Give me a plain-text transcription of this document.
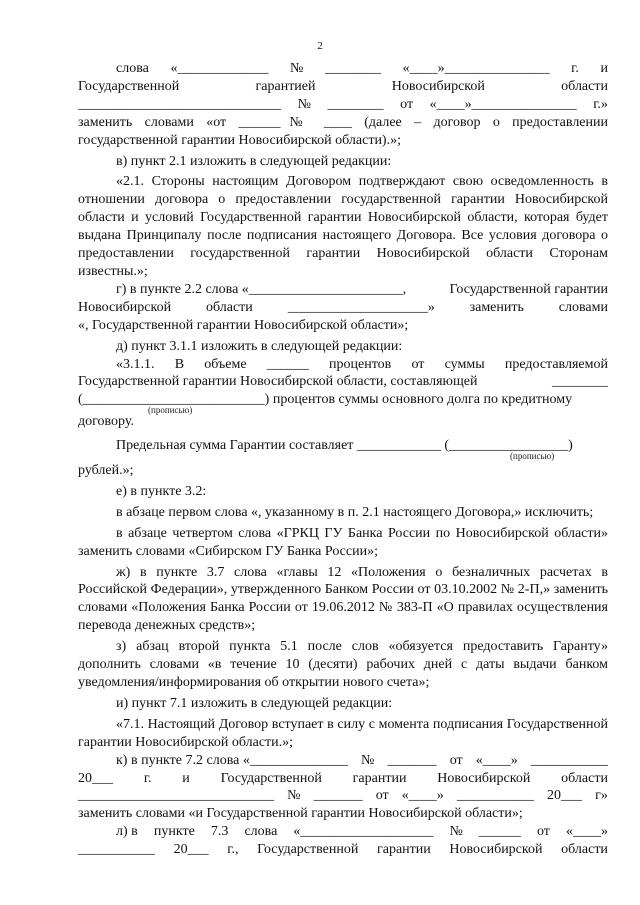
2
слова «_____________ № ________ «____»_______________ г. и
Государственной	гарантией	Новосибирской	области
_____________________________ № ________ от «____»_______________ г.»

заменить словами «от ______№ ____ (далее – договор о предоставлении государственной гарантии Новосибирской области).»;

в) пункт 2.1 изложить в следующей редакции:

«2.1. Стороны настоящим Договором подтверждают свою осведомленность в отношении договора о предоставлении государственной гарантии Новосибирской области и условий Государственной гарантии Новосибирской области, которая будет выдана Принципалу после подписания настоящего Договора. Все условия договора о предоставлении государственной гарантии Новосибирской области Сторонам известны.»;

г) в пункте 2.2 слова «______________________,	Государственной гарантии
Новосибирской области ____________________» заменить словами

«, Государственной гарантии Новосибирской области»;

д) пункт 3.1.1 изложить в следующей редакции:

«3.1.1. В объеме ______ процентов от суммы предоставляемой
Государственной гарантии Новосибирской области, составляющей	________

(__________________________) процентов суммы основного долга по кредитному

(прописью)

договору.

Предельная сумма Гарантии составляет ____________ (_________________)

(прописью)

рублей.»;

е) в пункте 3.2:

в абзаце первом слова «, указанному в п. 2.1 настоящего Договора,» исключить;

в абзаце четвертом слова «ГРКЦ ГУ Банка России по Новосибирской области» заменить словами «Сибирском ГУ Банка России»;

ж) в пункте 3.7 слова «главы 12 «Положения о безналичных расчетах в Российской Федерации», утвержденного Банком России от 03.10.2002 № 2-П,» заменить словами «Положения Банка России от 19.06.2012 № 383-П «О правилах осуществления перевода денежных средств»;

з) абзац второй пункта 5.1 после слов «обязуется предоставить Гаранту» дополнить словами «в течение 10 (десяти) рабочих дней с даты выдачи банком уведомления/информирования об открытии нового счета»;

и) пункт 7.1 изложить в следующей редакции:

«7.1. Настоящий Договор вступает в силу с момента подписания Государственной гарантии Новосибирской области.»;

к) в пункте 7.2 слова «______________ № _______ от «____» ___________
20___ г. и Государственной гарантии Новосибирской области
____________________________ № _______ от «____» ___________ 20___ г»

заменить словами «и Государственной гарантии Новосибирской области»;

л) в пункте 7.3 слова «___________________ № ______ от «____»
___________ 20___ г., Государственной гарантии Новосибирской области
